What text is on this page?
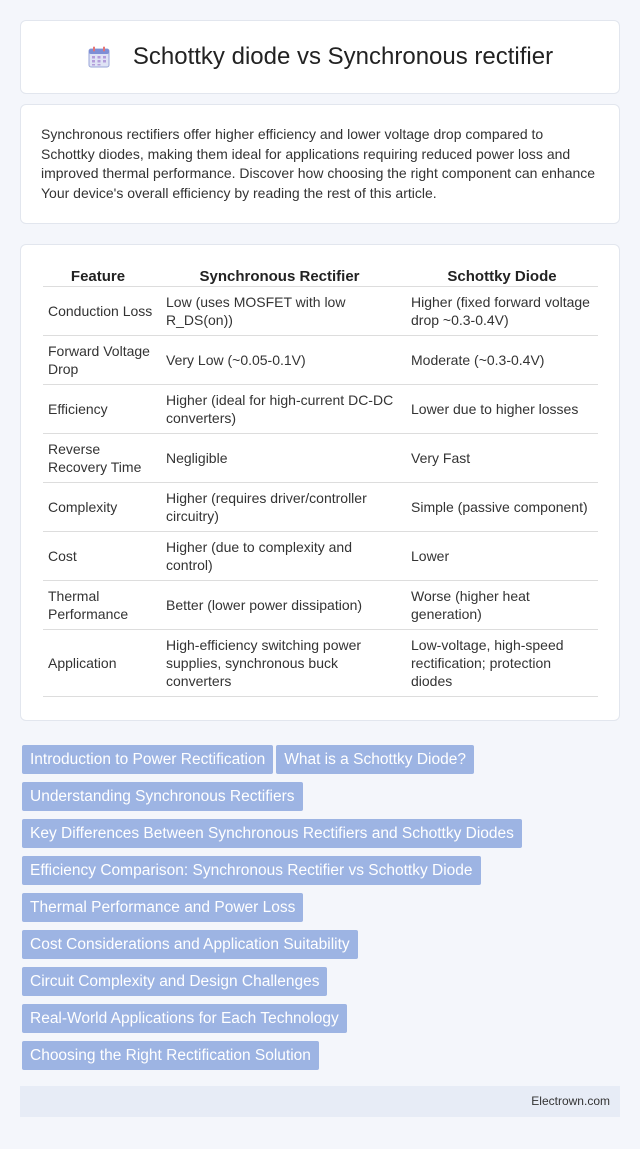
Schottky diode vs Synchronous rectifier

Synchronous rectifiers offer higher efficiency and lower voltage drop compared to Schottky diodes, making them ideal for applications requiring reduced power loss and improved thermal performance. Discover how choosing the right component can enhance Your device's overall efficiency by reading the rest of this article.

Feature	Synchronous Rectifier	Schottky Diode
Conduction Loss	Low (uses MOSFET with low R_DS(on))	Higher (fixed forward voltage drop ~0.3-0.4V)
Forward Voltage Drop	Very Low (~0.05-0.1V)	Moderate (~0.3-0.4V)
Efficiency	Higher (ideal for high-current DC-DC converters)	Lower due to higher losses
Reverse Recovery Time	Negligible	Very Fast
Complexity	Higher (requires driver/controller circuitry)	Simple (passive component)
Cost	Higher (due to complexity and control)	Lower
Thermal Performance	Better (lower power dissipation)	Worse (higher heat generation)
Application	High-efficiency switching power supplies, synchronous buck converters	Low-voltage, high-speed rectification; protection diodes
Introduction to Power Rectification What is a Schottky Diode?
Understanding Synchronous Rectifiers
Key Differences Between Synchronous Rectifiers and Schottky Diodes
Efficiency Comparison: Synchronous Rectifier vs Schottky Diode
Thermal Performance and Power Loss
Cost Considerations and Application Suitability
Circuit Complexity and Design Challenges
Real-World Applications for Each Technology
Choosing the Right Rectification Solution
Electrown.com
